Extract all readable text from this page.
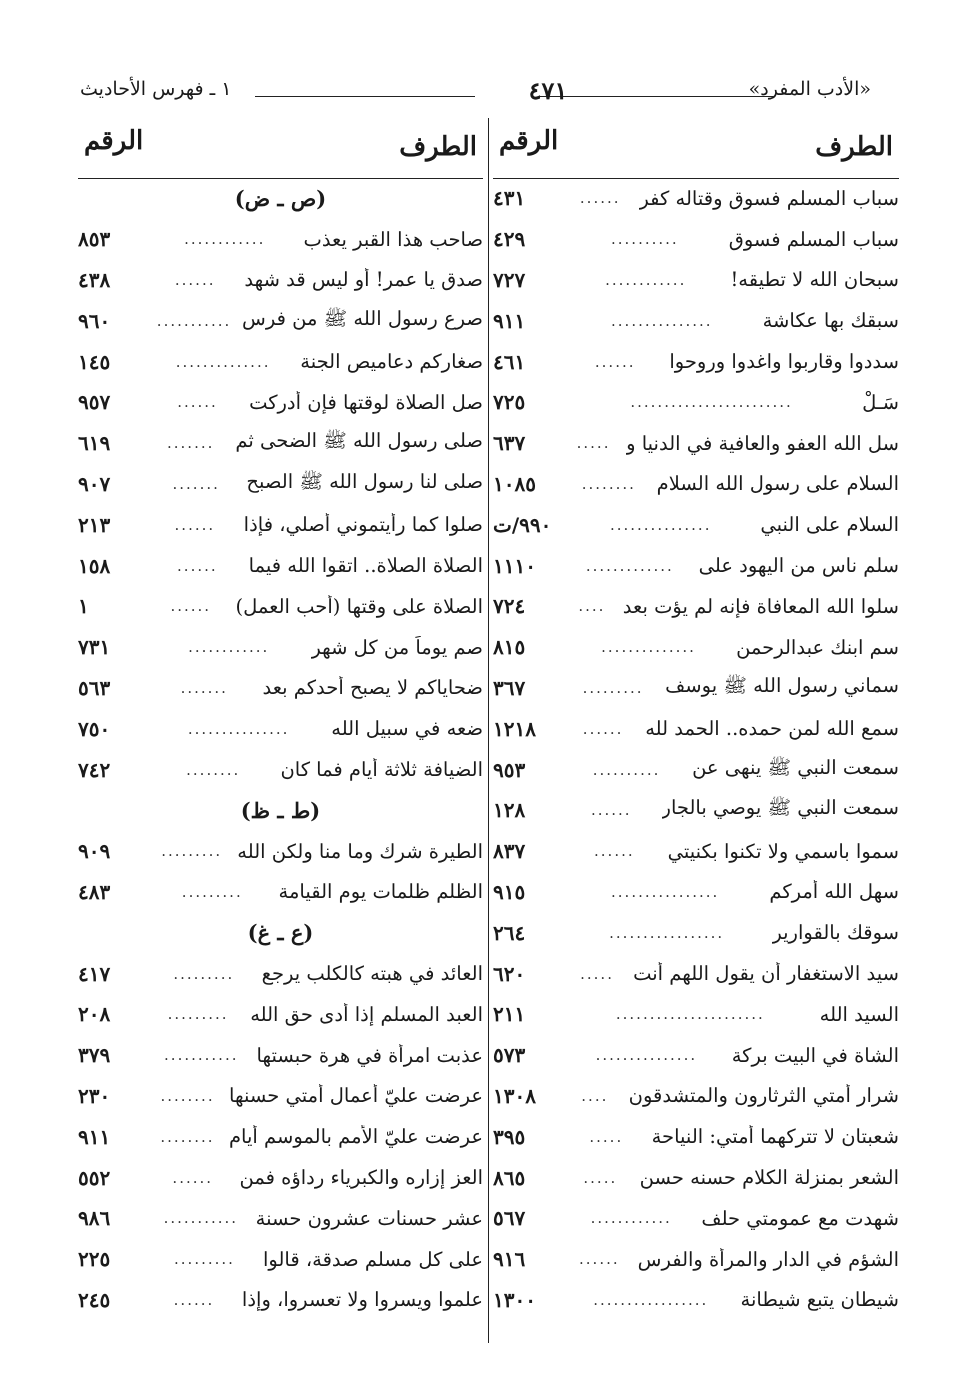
«الأدب المفرد»
٤٧١
١ ـ فهرس الأحاديث
الطرف
الرقم
سباب المسلم فسوق وقتاله كفر
......
٤٣١
سباب المسلم فسوق
..........
٤٢٩
سبحان الله لا تطيقه!
............
٧٢٧
سبقك بها عكاشة
...............
٩١١
سددوا وقاربوا واغدوا وروحوا
......
٤٦١
سَـلْ
........................
٧٢٥
سل الله العفو والعافية في الدنيا و
.....
٦٣٧
السلام على رسول الله السلام
........
١٠٨٥
السلام على النبي
...............
٩٩٠/ت
سلم ناس من اليهود على
.............
١١١٠
سلوا الله المعافاة فإنه لم يؤت بعد
....
٧٢٤
سم ابنك عبدالرحمن
..............
٨١٥
سماني رسول الله ﷺ يوسف
.........
٣٦٧
سمع الله لمن حمده.. الحمد لله
......
١٢١٨
سمعت النبي ﷺ ينهى عن
..........
٩٥٣
سمعت النبي ﷺ يوصي بالجار
......
١٢٨
سموا باسمي ولا تكنوا بكنيتي
......
٨٣٧
سهل الله أمركم
................
٩١٥
سوقك بالقوارير
.................
٢٦٤
سيد الاستغفار أن يقول اللهم أنت
.....
٦٢٠
السيد الله
......................
٢١١
الشاة في البيت بركة
...............
٥٧٣
شرار أمتي الثرثارون والمتشدقون
....
١٣٠٨
شعبتان لا تتركهما أمتي: النياحة
.....
٣٩٥
الشعر بمنزلة الكلام حسنه حسن
.....
٨٦٥
شهدت مع عمومتي حلف
............
٥٦٧
الشؤم في الدار والمرأة والفرس
......
٩١٦
شيطان يتبع شيطانة
.................
١٣٠٠
الطرف
الرقم
(ص ـ ض)
صاحب هذا القبر يعذب
............
٨٥٣
صدق يا عمر! أو ليس قد شهد
......
٤٣٨
صرع رسول الله ﷺ من فرس
...........
٩٦٠
صغاركم دعاميص الجنة
..............
١٤٥
صل الصلاة لوقتها فإن أدركت
......
٩٥٧
صلى رسول الله ﷺ الضحى ثم
.......
٦١٩
صلى لنا رسول الله ﷺ الصبح
.......
٩٠٧
صلوا كما رأيتموني أصلي، فإذا
......
٢١٣
الصلاة الصلاة.. اتقوا الله فيما
......
١٥٨
الصلاة على وقتها (أحب العمل)
......
١
صم يوماً من كل شهر
............
٧٣١
ضحاياكم لا يصبح أحدكم بعد
.......
٥٦٣
ضعه في سبيل الله
...............
٧٥٠
الضيافة ثلاثة أيام فما كان
........
٧٤٢
(ط ـ ظ)
الطيرة شرك وما منا ولكن الله
.........
٩٠٩
الظلم ظلمات يوم القيامة
.........
٤٨٣
(ع ـ غ)
العائد في هبته كالكلب يرجع
.........
٤١٧
العبد المسلم إذا أدى حق الله
.........
٢٠٨
عذبت امرأة في هرة حبستها
...........
٣٧٩
عرضت عليّ أعمال أمتي حسنها
........
٢٣٠
عرضت عليّ الأمم بالموسم أيام
........
٩١١
العز إزاره والكبرياء رداؤه فمن
......
٥٥٢
عشر حسنات عشرون حسنة
...........
٩٨٦
على كل مسلم صدقة، قالوا
.........
٢٢٥
علموا ويسروا ولا تعسروا، وإذا
......
٢٤٥
